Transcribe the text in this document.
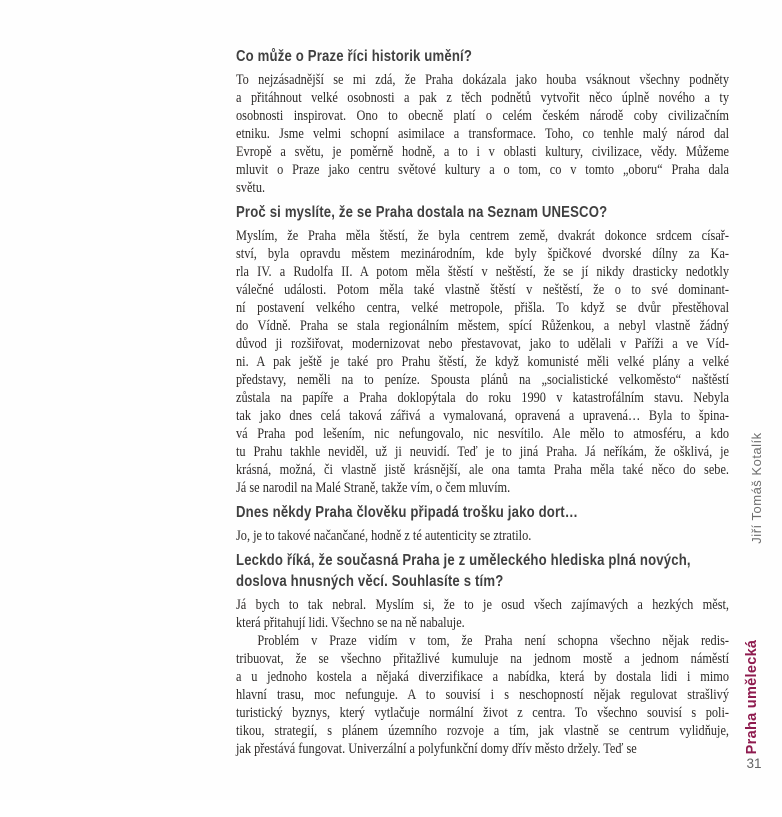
Co může o Praze říci historik umění?
To nejzásadnější se mi zdá, že Praha dokázala jako houba vsáknout všechny podněty
a přitáhnout velké osobnosti a pak z těch podnětů vytvořit něco úplně nového a ty
osobnosti inspirovat. Ono to obecně platí o celém českém národě coby civilizačním
etniku. Jsme velmi schopní asimilace a transformace. Toho, co tenhle malý národ dal
Evropě a světu, je poměrně hodně, a to i v oblasti kultury, civilizace, vědy. Můžeme
mluvit o Praze jako centru světové kultury a o tom, co v tomto „oboru“ Praha dala
světu.
Proč si myslíte, že se Praha dostala na Seznam UNESCO?
Myslím, že Praha měla štěstí, že byla centrem země, dvakrát dokonce srdcem císař-
ství, byla opravdu městem mezinárodním, kde byly špičkové dvorské dílny za Ka-
rla IV. a Rudolfa II. A potom měla štěstí v neštěstí, že se jí nikdy drasticky nedotkly
válečné události. Potom měla také vlastně štěstí v neštěstí, že o to své dominant-
ní postavení velkého centra, velké metropole, přišla. To když se dvůr přestěhoval
do Vídně. Praha se stala regionálním městem, spící Růženkou, a nebyl vlastně žádný
důvod ji rozšiřovat, modernizovat nebo přestavovat, jako to udělali v Paříži a ve Víd-
ni. A pak ještě je také pro Prahu štěstí, že když komunisté měli velké plány a velké
představy, neměli na to peníze. Spousta plánů na „socialistické velkoměsto“ naštěstí
zůstala na papíře a Praha doklopýtala do roku 1990 v katastrofálním stavu. Nebyla
tak jako dnes celá taková zářivá a vymalovaná, opravená a upravená… Byla to špina-
vá Praha pod lešením, nic nefungovalo, nic nesvítilo. Ale mělo to atmosféru, a kdo
tu Prahu takhle neviděl, už ji neuvidí. Teď je to jiná Praha. Já neříkám, že ošklivá, je
krásná, možná, či vlastně jistě krásnější, ale ona tamta Praha měla také něco do sebe.
Já se narodil na Malé Straně, takže vím, o čem mluvím.
Dnes někdy Praha člověku připadá trošku jako dort…
Jo, je to takové načančané, hodně z té autenticity se ztratilo.
Leckdo říká, že současná Praha je z uměleckého hlediska plná nových,
doslova hnusných věcí. Souhlasíte s tím?
Já bych to tak nebral. Myslím si, že to je osud všech zajímavých a hezkých měst,
která přitahují lidi. Všechno se na ně nabaluje.
Problém v Praze vidím v tom, že Praha není schopna všechno nějak redis-
tribuovat, že se všechno přitažlivé kumuluje na jednom mostě a jednom náměstí
a u jednoho kostela a nějaká diverzifikace a nabídka, která by dostala lidi i mimo
hlavní trasu, moc nefunguje. A to souvisí i s neschopností nějak regulovat strašlivý
turistický byznys, který vytlačuje normální život z centra. To všechno souvisí s poli-
tikou, strategií, s plánem územního rozvoje a tím, jak vlastně se centrum vylidňuje,
jak přestává fungovat. Univerzální a polyfunkční domy dřív město držely. Teď se
Jiří Tomáš Kotalík
Praha umělecká
31
